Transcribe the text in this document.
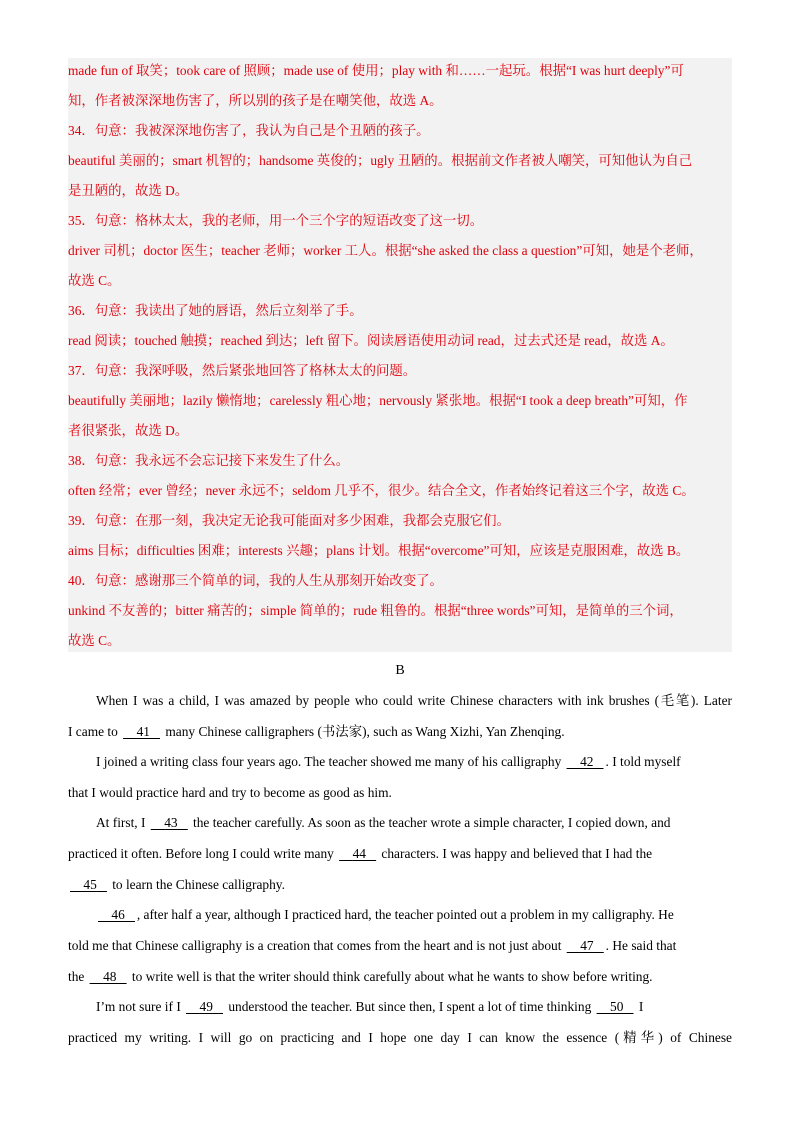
made fun of 取笑；took care of 照顾；made use of 使用；play with 和……一起玩。根据“I was hurt deeply”可
知，作者被深深地伤害了，所以别的孩子是在嘲笑他，故选 A。
34．句意：我被深深地伤害了，我认为自己是个丑陋的孩子。
beautiful 美丽的；smart 机智的；handsome 英俊的；ugly 丑陋的。根据前文作者被人嘲笑，可知他认为自己
是丑陋的，故选 D。
35．句意：格林太太，我的老师，用一个三个字的短语改变了这一切。
driver 司机；doctor 医生；teacher 老师；worker 工人。根据“she asked the class a question”可知，她是个老师，
故选 C。
36．句意：我读出了她的唇语，然后立刻举了手。
read 阅读；touched 触摸；reached 到达；left 留下。阅读唇语使用动词 read，过去式还是 read，故选 A。
37．句意：我深呼吸，然后紧张地回答了格林太太的问题。
beautifully 美丽地；lazily 懒惰地；carelessly 粗心地；nervously 紧张地。根据“I took a deep breath”可知，作
者很紧张，故选 D。
38．句意：我永远不会忘记接下来发生了什么。
often 经常；ever 曾经；never 永远不；seldom 几乎不，很少。结合全文，作者始终记着这三个字，故选 C。
39．句意：在那一刻，我决定无论我可能面对多少困难，我都会克服它们。
aims 目标；difficulties 困难；interests 兴趣；plans 计划。根据“overcome”可知，应该是克服困难，故选 B。
40．句意：感谢那三个简单的词，我的人生从那刻开始改变了。
unkind 不友善的；bitter 痛苦的；simple 简单的；rude 粗鲁的。根据“three words”可知，是简单的三个词，
故选 C。
B
When I was a child, I was amazed by people who could write Chinese characters with ink brushes (毛笔). Later
I came to 41 many Chinese calligraphers (书法家), such as Wang Xizhi, Yan Zhenqing.
I joined a writing class four years ago. The teacher showed me many of his calligraphy 42 . I told myself
that I would practice hard and try to become as good as him.
At first, I 43 the teacher carefully. As soon as the teacher wrote a simple character, I copied down, and
practiced it often. Before long I could write many 44 characters. I was happy and believed that I had the
45 to learn the Chinese calligraphy.
46 , after half a year, although I practiced hard, the teacher pointed out a problem in my calligraphy. He
told me that Chinese calligraphy is a creation that comes from the heart and is not just about 47 . He said that
the 48 to write well is that the writer should think carefully about what he wants to show before writing.
I’m not sure if I 49 understood the teacher. But since then, I spent a lot of time thinking 50 I
practiced my writing. I will go on practicing and I hope one day I can know the essence (精华) of Chinese
